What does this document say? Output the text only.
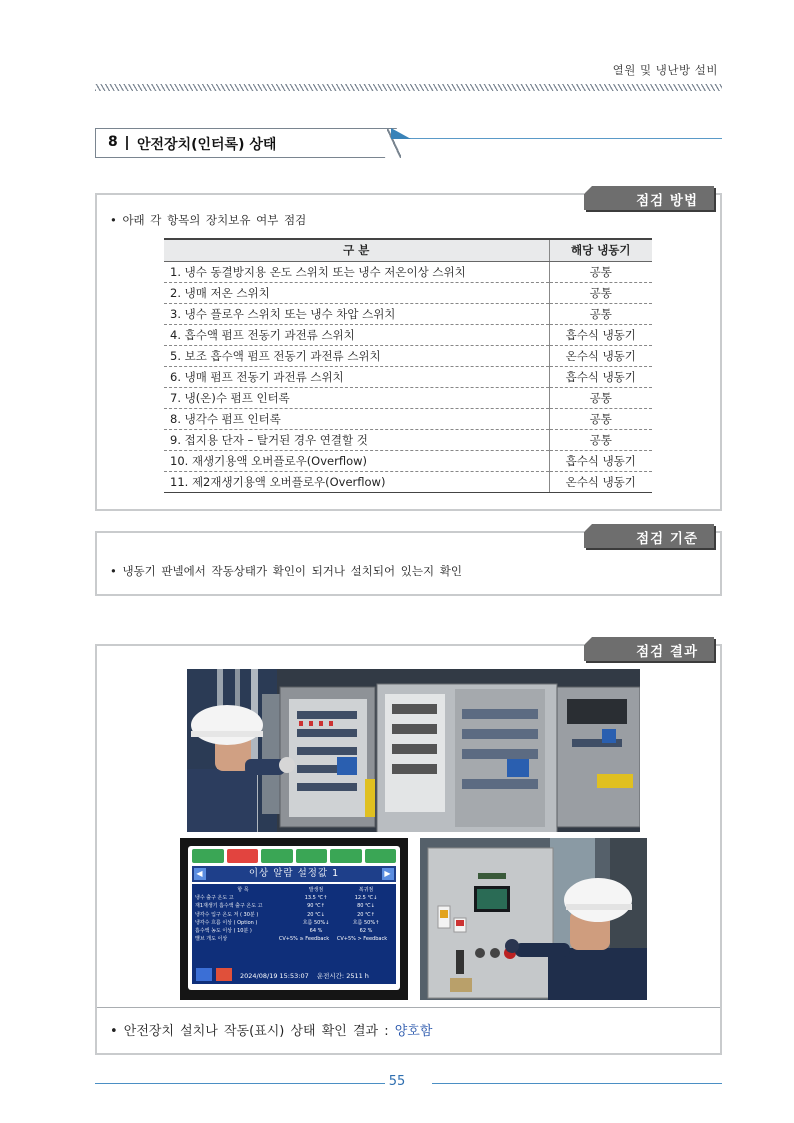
열원 및 냉난방 설비
8 안전장치(인터록) 상태
점검 방법
• 아래 각 항목의 장치보유 여부 점검
구 분	해당 냉동기
1. 냉수 동결방지용 온도 스위치 또는 냉수 저온이상 스위치	공통
2. 냉매 저온 스위치	공통
3. 냉수 플로우 스위치 또는 냉수 차압 스위치	공통
4. 흡수액 펌프 전동기 과전류 스위치	흡수식 냉동기
5. 보조 흡수액 펌프 전동기 과전류 스위치	온수식 냉동기
6. 냉매 펌프 전동기 과전류 스위치	흡수식 냉동기
7. 냉(온)수 펌프 인터록	공통
8. 냉각수 펌프 인터록	공통
9. 접지용 단자 – 탈거된 경우 연결할 것	공통
10. 재생기용액 오버플로우(Overflow)	흡수식 냉동기
11. 제2재생기용액 오버플로우(Overflow)	온수식 냉동기
점검 기준
• 냉동기 판넬에서 작동상태가 확인이 되거나 설치되어 있는지 확인
점검 결과
◀	이상 알람 설정값 1	▶
항 목	발생점	복귀점
냉수 출구 온도 고	13.5 ℃↑	12.5 ℃↓
재1재생기 흡수액 출구 온도 고	90 ℃↑	80 ℃↓
냉각수 입구 온도 저 ( 30분 )	20 ℃↓	20 ℃↑
냉각수 흐름 이상 ( Option )	흐름 50%↓	흐름 50%↑
흡수액 농도 이상 ( 10분 )	64 %	62 %
밸브 개도 이상	CV+5% ≥ Feedback	CV+5% > Feedback
2024/08/19 15:53:07 운전시간: 2511 h
• 안전장치 설치나 작동(표시) 상태 확인 결과 : 양호함
55
